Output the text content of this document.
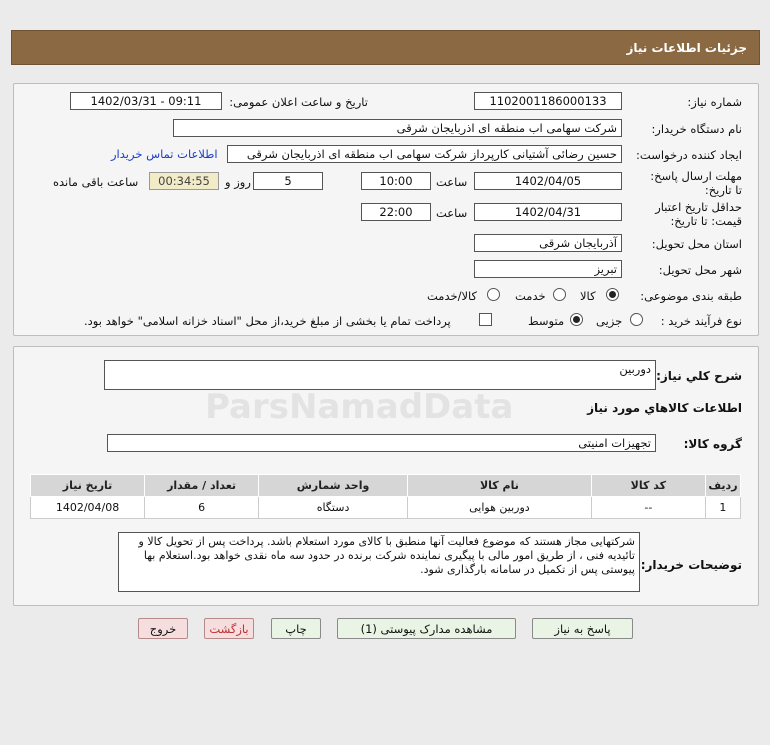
جزئیات اطلاعات نیاز
شماره نیاز:
1102001186000133
تاریخ و ساعت اعلان عمومی:
1402/03/31 - 09:11
نام دستگاه خریدار:
شرکت سهامی اب منطقه ای اذربایجان شرقی
ایجاد کننده درخواست:
حسین رضائی آشتیانی کارپرداز شرکت سهامی اب منطقه ای اذربایجان شرقی
اطلاعات تماس خریدار
مهلت ارسال پاسخ: تا تاریخ:
1402/04/05
ساعت
10:00
5
روز و
00:34:55
ساعت باقی مانده
حداقل تاریخ اعتبار قیمت: تا تاریخ:
1402/04/31
ساعت
22:00
استان محل تحویل:
آذربایجان شرقی
شهر محل تحویل:
تبریز
طبقه بندی موضوعی:
کالا
خدمت
کالا/خدمت
نوع فرآیند خرید :
جزیی
متوسط
پرداخت تمام یا بخشی از مبلغ خرید،از محل "اسناد خزانه اسلامی" خواهد بود.
شرح کلي نياز:
دوربین
اطلاعات کالاهاي مورد نياز
گروه کالا:
تجهیزات امنیتی
ردیف	کد کالا	نام کالا	واحد شمارش	تعداد / مقدار	تاریخ نیاز
1	--	دوربین هوایی	دستگاه	6	1402/04/08
توضیحات خریدار:
شرکتهایی مجاز هستند که موضوع فعالیت آنها منطبق با کالای مورد استعلام باشد. پرداخت پس از تحویل کالا و تائیدیه فنی ، از طریق امور مالی با پیگیری نماینده شرکت برنده در حدود سه ماه نقدی خواهد بود.استعلام بها پیوستی پس از تکمیل در سامانه بارگذاری شود.
پاسخ به نیاز
مشاهده مدارک پیوستی (1)
چاپ
بازگشت
خروج
